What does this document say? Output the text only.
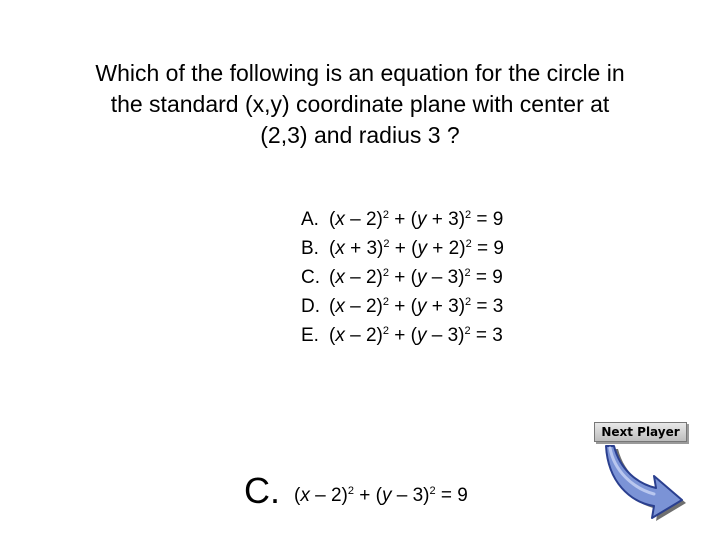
Which of the following is an equation for the circle in
the standard (x,y) coordinate plane with center at
(2,3) and radius 3 ?
A. $(x - 2)^2 + (y + 3)^2 = 9$
B. $(x + 3)^2 + (y + 2)^2 = 9$
C. (x – 2)$^2$ + (y – 3)$^2$ = 9
D. $(x - 2)^2 + (y + 3)^2 = 3$
E. (x – 2)$^2$ + (y – 3)$^2$ = 3
Next Player
C. (x – 2)$^2$ + (y – 3)$^2$ = 9
